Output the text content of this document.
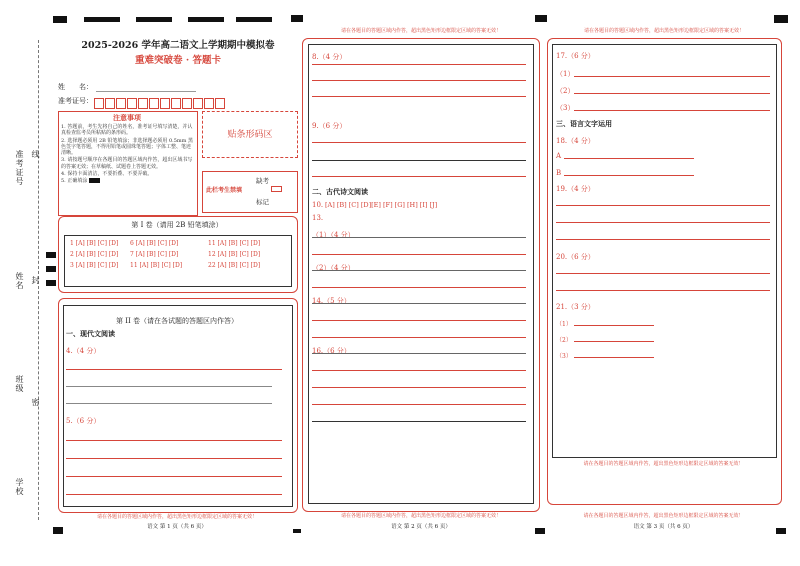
准考证号 线
姓名 封
班级
密
学校
2025-2026 学年高二语文上学期期中模拟卷
重难突破卷 · 答题卡
姓　　名：
准考证号：
注意事项
1. 答题前，考生先将自己的姓名，准考证号填写清楚，并认真检查监考员所粘贴的条形码。
2. 选择题必须用 2B 铅笔填涂；非选择题必须用 0.5mm 黑色签字笔答题，不得用铅笔或圆珠笔答题；字体工整、笔迹清晰。
3. 请按题号顺序在各题目的答题区域内作答，超出区域书写的答案无效；在草稿纸、试题卷上答题无效。
4. 保持卡面清洁，不要折叠、不要弄破。
5. 正确填涂
贴条形码区
此栏考生禁填
缺考
标记
第 I 卷（请用 2B 铅笔填涂）
1 [A] [B] [C] [D] 6 [A] [B] [C] [D]	11 [A] [B] [C] [D]
2 [A] [B] [C] [D] 7 [A] [B] [C] [D]	12 [A] [B] [C] [D]
3 [A] [B] [C] [D] 11 [A] [B] [C] [D]	22 [A] [B] [C] [D]
第 II 卷（请在各试题的答题区内作答）
一、现代文阅读
4.（4 分）
5.（6 分）
请在各题目的答题区域内作答，超出黑色矩形边框限定区域的答案无效！
语文 第 1 页（共 6 页）
请在各题目的答题区域内作答，超出黑色矩形边框限定区域的答案无效！
8.（4 分）
9.（6 分）
二、古代诗文阅读
10. [A] [B] [C] [D][E] [F] [G] [H] [I] [J]
13.
（1）（4 分）
（2）（4 分）
14.（5 分）
16.（6 分）
请在各题目的答题区域内作答，超出黑色矩形边框限定区域的答案无效！
语文 第 2 页（共 6 页）
请在各题目的答题区域内作答，超出黑色矩形边框限定区域的答案无效！
17.（6 分）
（1）
（2）
（3）
三、语言文字运用
18.（4 分）
A
B
19.（4 分）
20.（6 分）
21.（3 分）
（1）
（2）
（3）
请在各题目的答题区域内作答，超出黑色矩形边框限定区域的答案无效！
请在各题目的答题区域内作答，超出黑色矩形边框限定区域的答案无效！
语文 第 3 页（共 6 页）
